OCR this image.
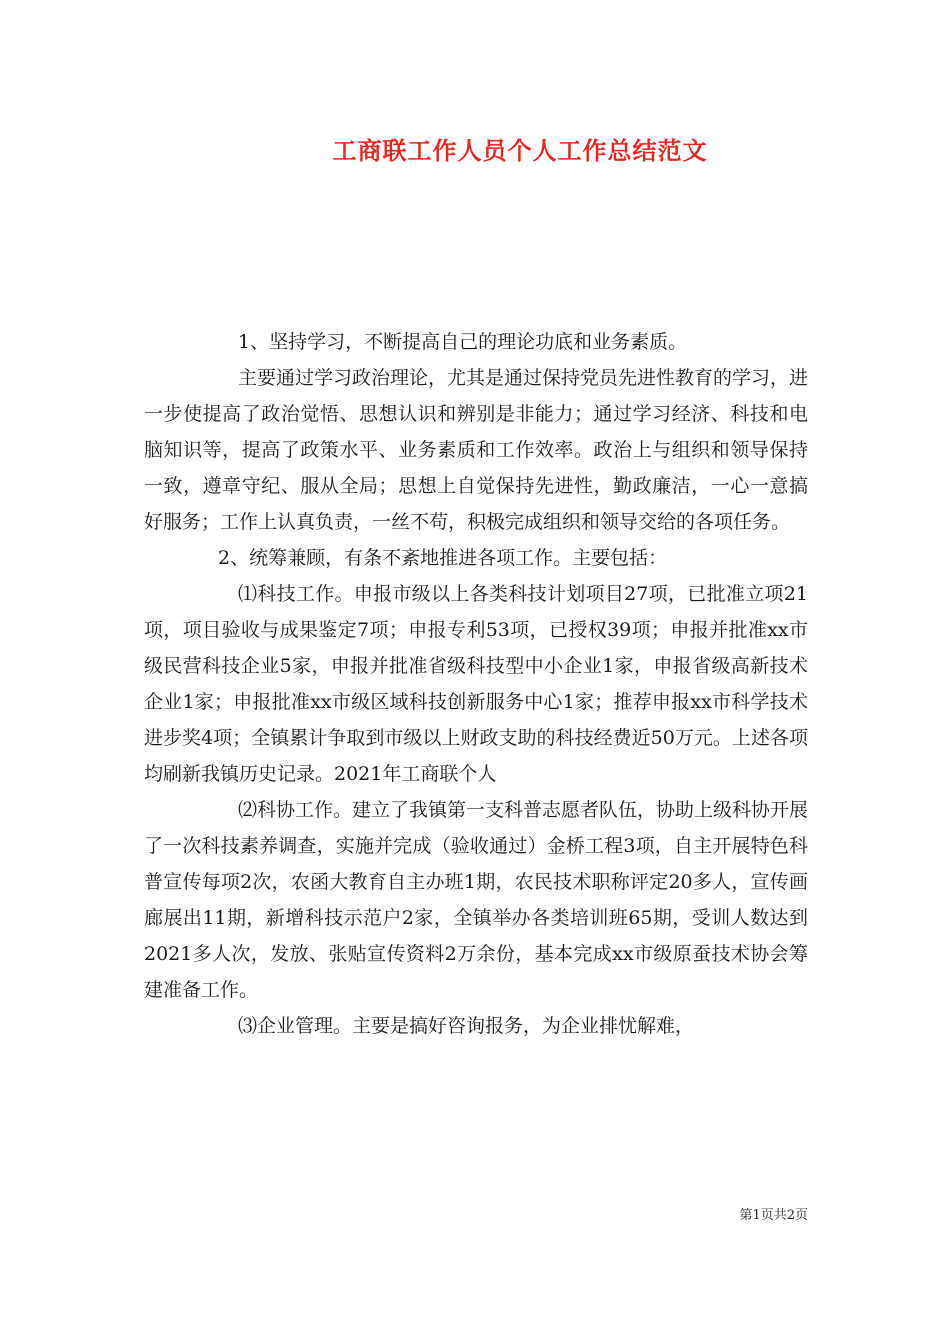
工商联工作人员个人工作总结范文

1、坚持学习，不断提高自己的理论功底和业务素质。

主要通过学习政治理论，尤其是通过保持党员先进性教育的学习，进一步使提高了政治觉悟、思想认识和辨别是非能力；通过学习经济、科技和电脑知识等，提高了政策水平、业务素质和工作效率。政治上与组织和领导保持一致，遵章守纪、服从全局；思想上自觉保持先进性，勤政廉洁，一心一意搞好服务；工作上认真负责，一丝不苟，积极完成组织和领导交给的各项任务。

2、统筹兼顾，有条不紊地推进各项工作。主要包括：

⑴科技工作。申报市级以上各类科技计划项目27项，已批准立项21项，项目验收与成果鉴定7项；申报专利53项，已授权39项；申报并批准xx市级民营科技企业5家，申报并批准省级科技型中小企业1家，申报省级高新技术企业1家；申报批准xx市级区域科技创新服务中心1家；推荐申报xx市科学技术进步奖4项；全镇累计争取到市级以上财政支助的科技经费近50万元。上述各项均刷新我镇历史记录。2021年工商联个人

⑵科协工作。建立了我镇第一支科普志愿者队伍，协助上级科协开展了一次科技素养调查，实施并完成（验收通过）金桥工程3项，自主开展特色科普宣传每项2次，农函大教育自主办班1期，农民技术职称评定20多人，宣传画廊展出11期，新增科技示范户2家，全镇举办各类培训班65期，受训人数达到2021多人次，发放、张贴宣传资料2万余份，基本完成xx市级原蚕技术协会筹建准备工作。

⑶企业管理。主要是搞好咨询报务，为企业排忧解难，

第1页共2页
